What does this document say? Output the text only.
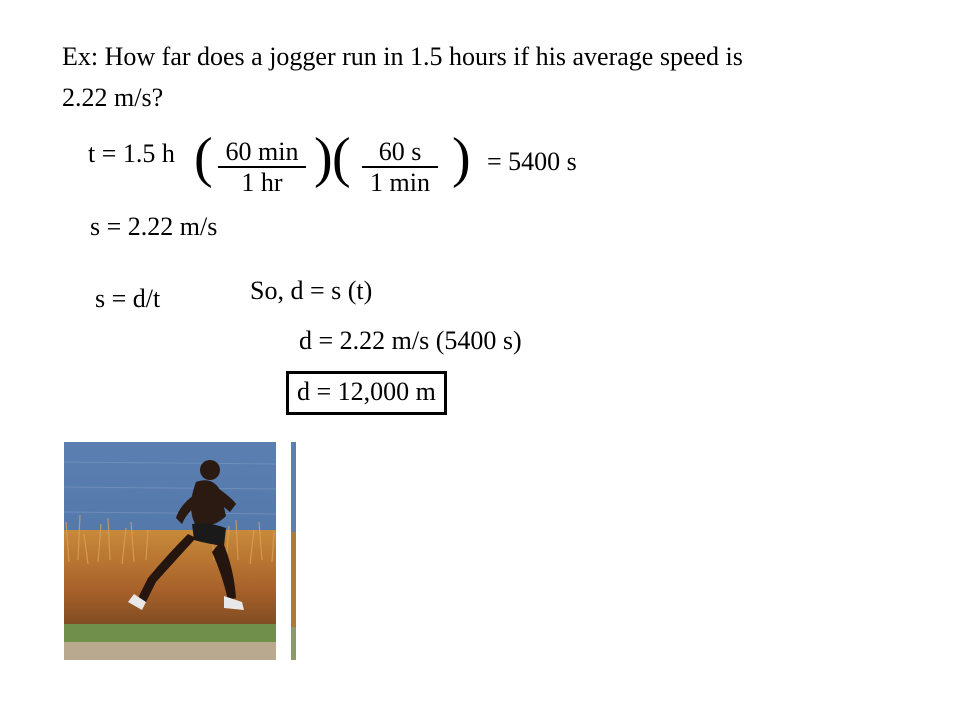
Ex: How far does a jogger run in 1.5 hours if his average speed is
2.22 m/s?
t = 1.5 h ( 60 min
1 hr ) (	60 s
1 min ) = 5400 s
s = 2.22 m/s
s = d/t	So, d = s (t)
d = 2.22 m/s (5400 s)
d = 12,000 m
